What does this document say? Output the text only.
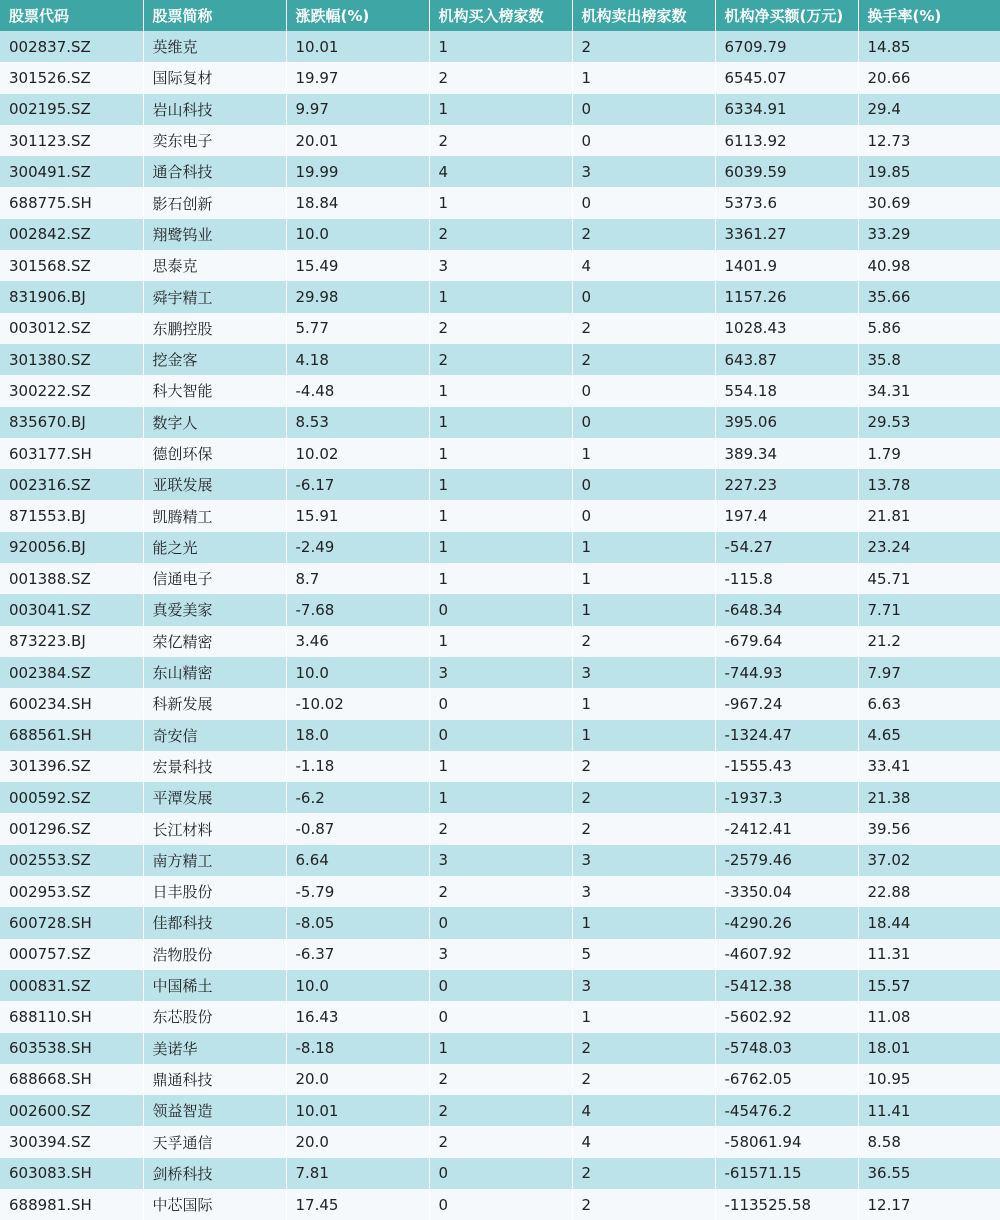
股票代码	股票简称	涨跌幅(%)	机构买入榜家数	机构卖出榜家数	机构净买额(万元)	换手率(%)
002837.SZ	英维克	10.01	1	2	6709.79	14.85
301526.SZ	国际复材	19.97	2	1	6545.07	20.66
002195.SZ	岩山科技	9.97	1	0	6334.91	29.4
301123.SZ	奕东电子	20.01	2	0	6113.92	12.73
300491.SZ	通合科技	19.99	4	3	6039.59	19.85
688775.SH	影石创新	18.84	1	0	5373.6	30.69
002842.SZ	翔鹭钨业	10.0	2	2	3361.27	33.29
301568.SZ	思泰克	15.49	3	4	1401.9	40.98
831906.BJ	舜宇精工	29.98	1	0	1157.26	35.66
003012.SZ	东鹏控股	5.77	2	2	1028.43	5.86
301380.SZ	挖金客	4.18	2	2	643.87	35.8
300222.SZ	科大智能	-4.48	1	0	554.18	34.31
835670.BJ	数字人	8.53	1	0	395.06	29.53
603177.SH	德创环保	10.02	1	1	389.34	1.79
002316.SZ	亚联发展	-6.17	1	0	227.23	13.78
871553.BJ	凯腾精工	15.91	1	0	197.4	21.81
920056.BJ	能之光	-2.49	1	1	-54.27	23.24
001388.SZ	信通电子	8.7	1	1	-115.8	45.71
003041.SZ	真爱美家	-7.68	0	1	-648.34	7.71
873223.BJ	荣亿精密	3.46	1	2	-679.64	21.2
002384.SZ	东山精密	10.0	3	3	-744.93	7.97
600234.SH	科新发展	-10.02	0	1	-967.24	6.63
688561.SH	奇安信	18.0	0	1	-1324.47	4.65
301396.SZ	宏景科技	-1.18	1	2	-1555.43	33.41
000592.SZ	平潭发展	-6.2	1	2	-1937.3	21.38
001296.SZ	长江材料	-0.87	2	2	-2412.41	39.56
002553.SZ	南方精工	6.64	3	3	-2579.46	37.02
002953.SZ	日丰股份	-5.79	2	3	-3350.04	22.88
600728.SH	佳都科技	-8.05	0	1	-4290.26	18.44
000757.SZ	浩物股份	-6.37	3	5	-4607.92	11.31
000831.SZ	中国稀土	10.0	0	3	-5412.38	15.57
688110.SH	东芯股份	16.43	0	1	-5602.92	11.08
603538.SH	美诺华	-8.18	1	2	-5748.03	18.01
688668.SH	鼎通科技	20.0	2	2	-6762.05	10.95
002600.SZ	领益智造	10.01	2	4	-45476.2	11.41
300394.SZ	天孚通信	20.0	2	4	-58061.94	8.58
603083.SH	剑桥科技	7.81	0	2	-61571.15	36.55
688981.SH	中芯国际	17.45	0	2	-113525.58	12.17
